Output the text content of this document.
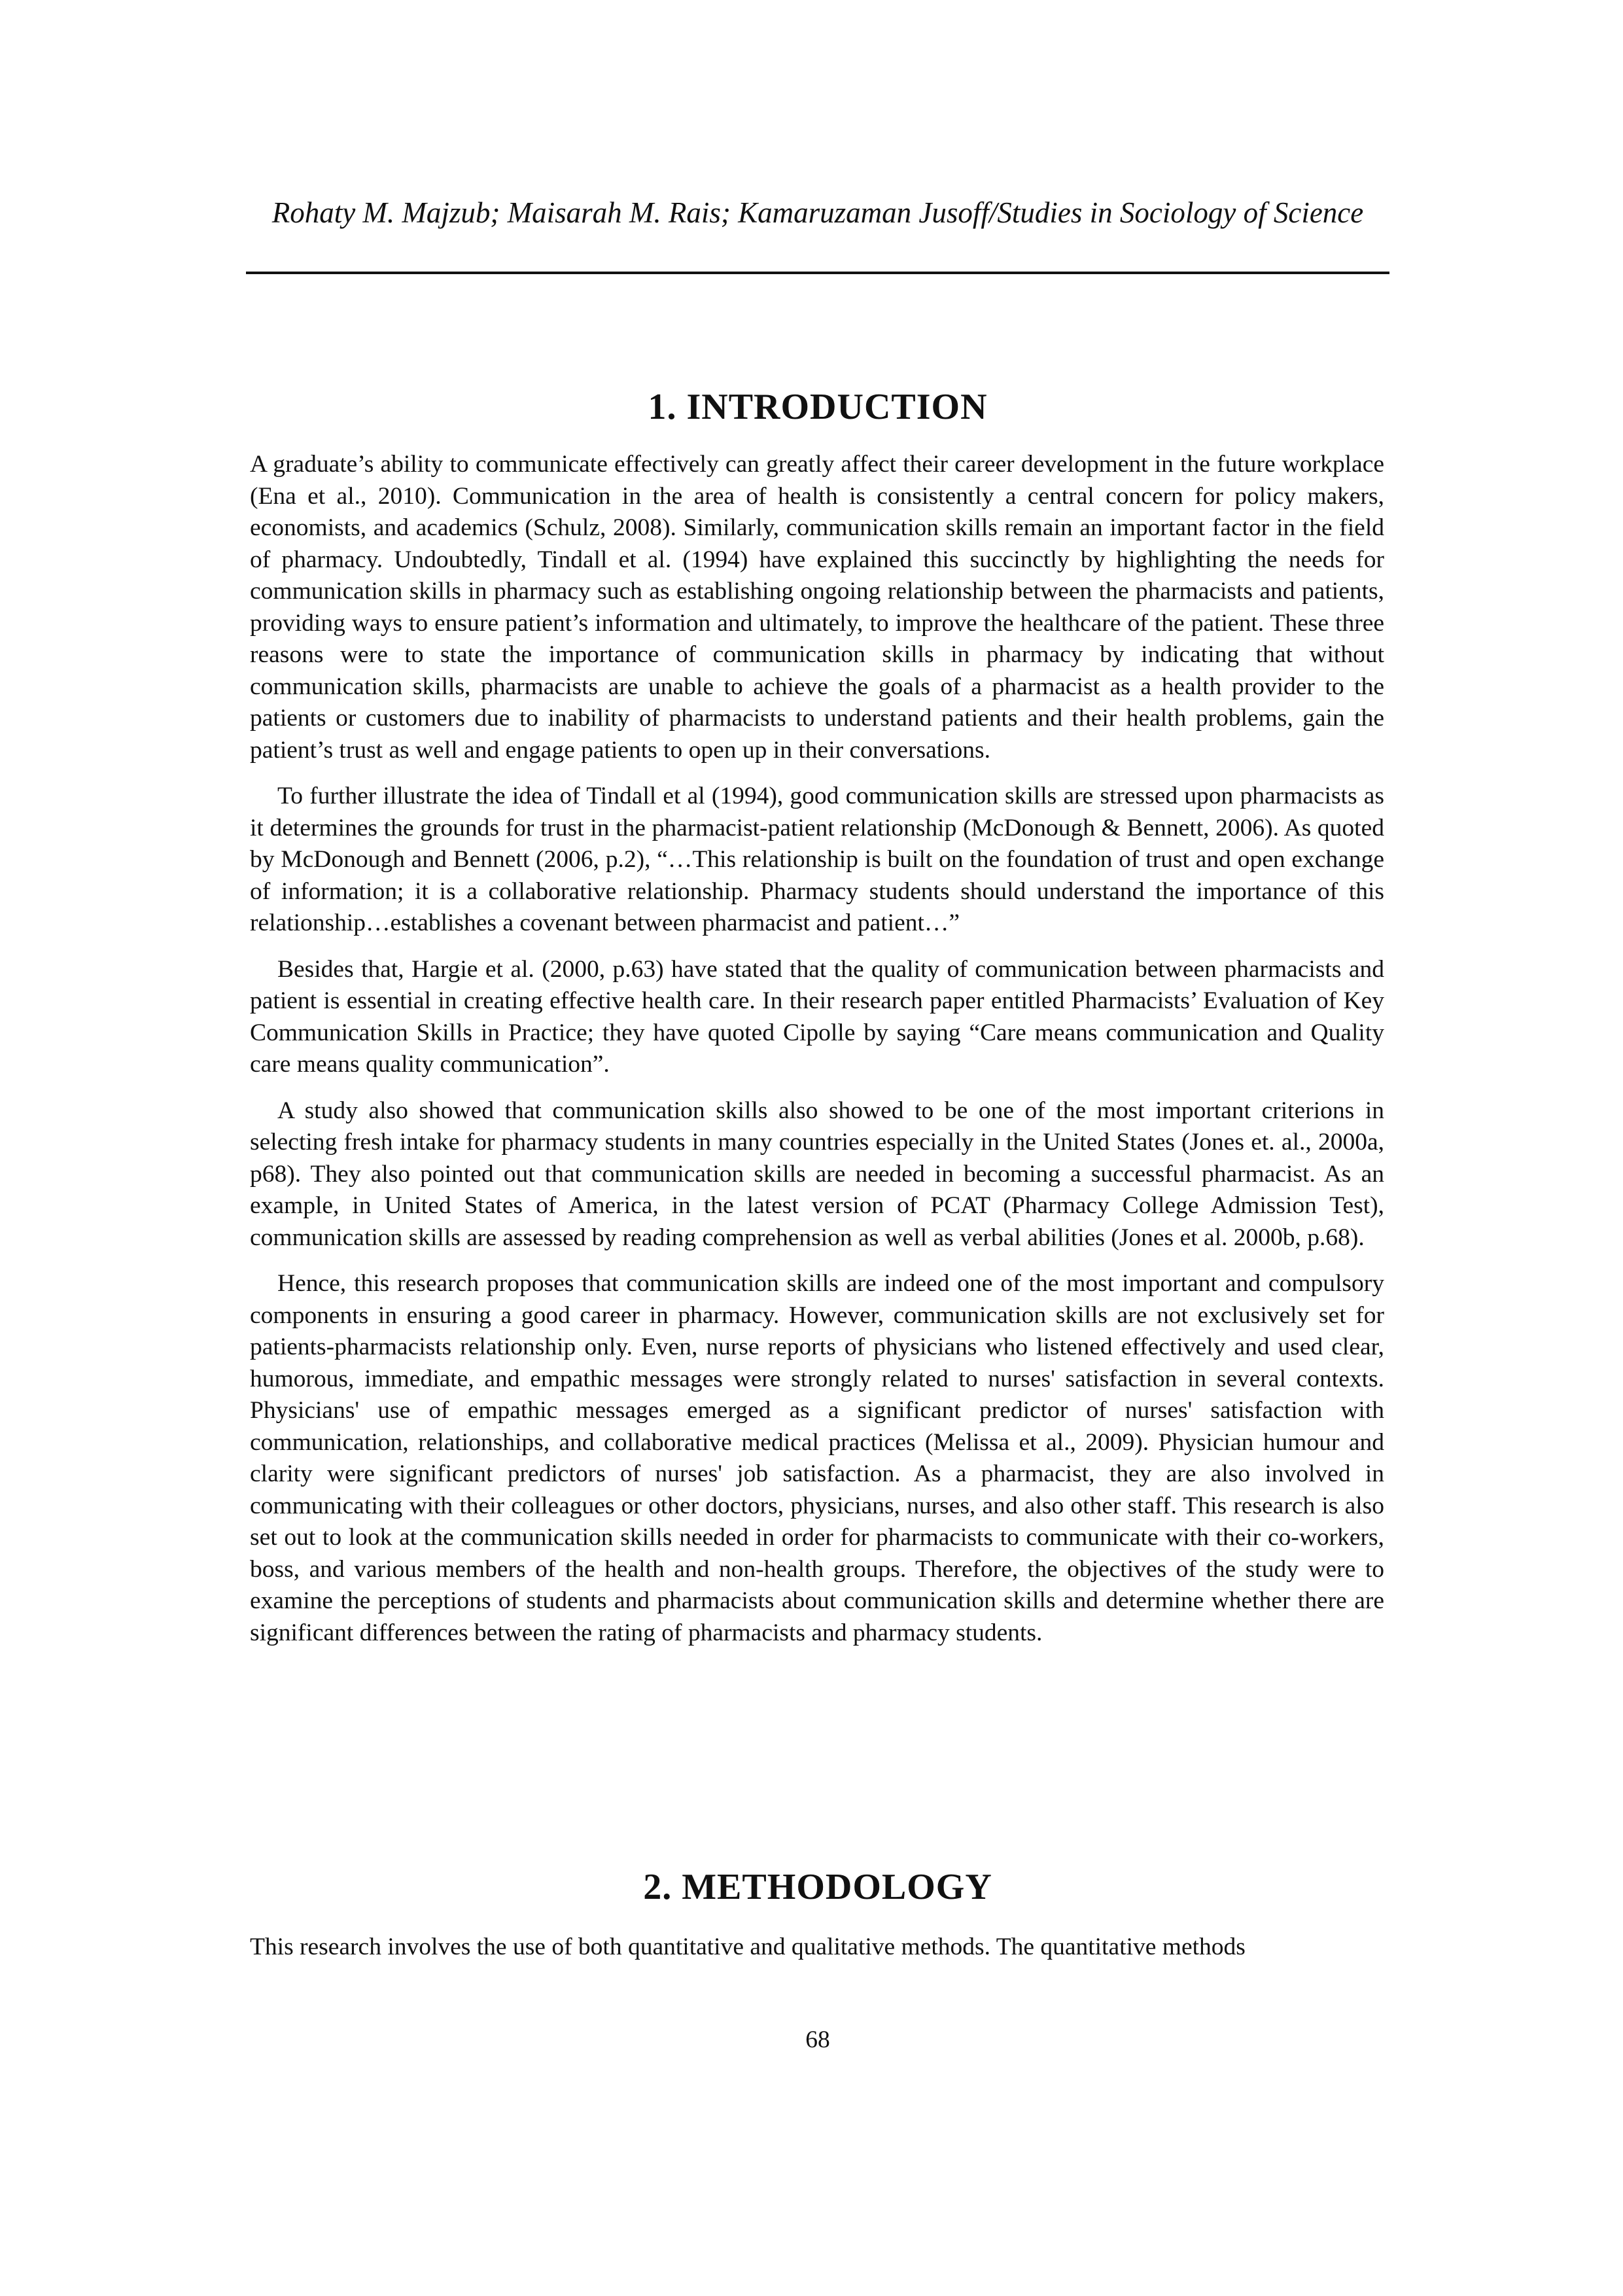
Rohaty M. Majzub; Maisarah M. Rais; Kamaruzaman Jusoff/Studies in Sociology of Science
1. INTRODUCTION

A graduate’s ability to communicate effectively can greatly affect their career development in the future workplace (Ena et al., 2010). Communication in the area of health is consistently a central concern for policy makers, economists, and academics (Schulz, 2008). Similarly, communication skills remain an important factor in the field of pharmacy. Undoubtedly, Tindall et al. (1994) have explained this succinctly by highlighting the needs for communication skills in pharmacy such as establishing ongoing relationship between the pharmacists and patients, providing ways to ensure patient’s information and ultimately, to improve the healthcare of the patient. These three reasons were to state the importance of communication skills in pharmacy by indicating that without communication skills, pharmacists are unable to achieve the goals of a pharmacist as a health provider to the patients or customers due to inability of pharmacists to understand patients and their health problems, gain the patient’s trust as well and engage patients to open up in their conversations.

To further illustrate the idea of Tindall et al (1994), good communication skills are stressed upon pharmacists as it determines the grounds for trust in the pharmacist-patient relationship (McDonough & Bennett, 2006). As quoted by McDonough and Bennett (2006, p.2), “…This relationship is built on the foundation of trust and open exchange of information; it is a collaborative relationship. Pharmacy students should understand the importance of this relationship…establishes a covenant between pharmacist and patient…”

Besides that, Hargie et al. (2000, p.63) have stated that the quality of communication between pharmacists and patient is essential in creating effective health care. In their research paper entitled Pharmacists’ Evaluation of Key Communication Skills in Practice; they have quoted Cipolle by saying “Care means communication and Quality care means quality communication”.

A study also showed that communication skills also showed to be one of the most important criterions in selecting fresh intake for pharmacy students in many countries especially in the United States (Jones et. al., 2000a, p68). They also pointed out that communication skills are needed in becoming a successful pharmacist. As an example, in United States of America, in the latest version of PCAT (Pharmacy College Admission Test), communication skills are assessed by reading comprehension as well as verbal abilities (Jones et al. 2000b, p.68).

Hence, this research proposes that communication skills are indeed one of the most important and compulsory components in ensuring a good career in pharmacy. However, communication skills are not exclusively set for patients-pharmacists relationship only. Even, nurse reports of physicians who listened effectively and used clear, humorous, immediate, and empathic messages were strongly related to nurses' satisfaction in several contexts. Physicians' use of empathic messages emerged as a significant predictor of nurses' satisfaction with communication, relationships, and collaborative medical practices (Melissa et al., 2009). Physician humour and clarity were significant predictors of nurses' job satisfaction. As a pharmacist, they are also involved in communicating with their colleagues or other doctors, physicians, nurses, and also other staff. This research is also set out to look at the communication skills needed in order for pharmacists to communicate with their co-workers, boss, and various members of the health and non-health groups. Therefore, the objectives of the study were to examine the perceptions of students and pharmacists about communication skills and determine whether there are significant differences between the rating of pharmacists and pharmacy students.

2. METHODOLOGY

This research involves the use of both quantitative and qualitative methods. The quantitative methods

68
